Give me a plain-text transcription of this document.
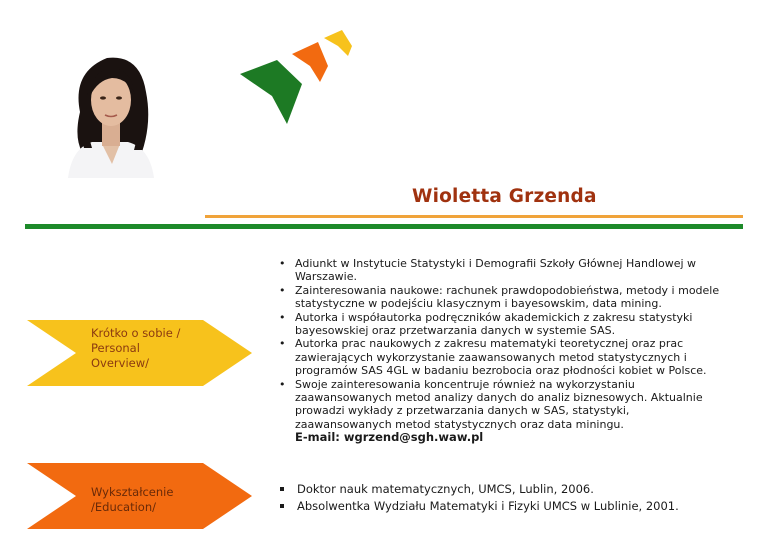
Wioletta Grzenda
Krótko o sobie / Personal Overview/
• Adiunkt w Instytucie Statystyki i Demografii Szkoły Głównej Handlowej w Warszawie.
• Zainteresowania naukowe: rachunek prawdopodobieństwa, metody i modele statystyczne w podejściu klasycznym i bayesowskim, data mining.
• Autorka i współautorka podręczników akademickich z zakresu statystyki bayesowskiej oraz przetwarzania danych w systemie SAS.
• Autorka prac naukowych z zakresu matematyki teoretycznej oraz prac zawierających wykorzystanie zaawansowanych metod statystycznych i programów SAS 4GL w badaniu bezrobocia oraz płodności kobiet w Polsce.
• Swoje zainteresowania koncentruje również na wykorzystaniu zaawansowanych metod analizy danych do analiz biznesowych. Aktualnie prowadzi wykłady z przetwarzania danych w SAS, statystyki, zaawansowanych metod statystycznych oraz data miningu.
E-mail: wgrzend@sgh.waw.pl
Wykształcenie /Education/
Doktor nauk matematycznych, UMCS, Lublin, 2006.
Absolwentka Wydziału Matematyki i Fizyki UMCS w Lublinie, 2001.
